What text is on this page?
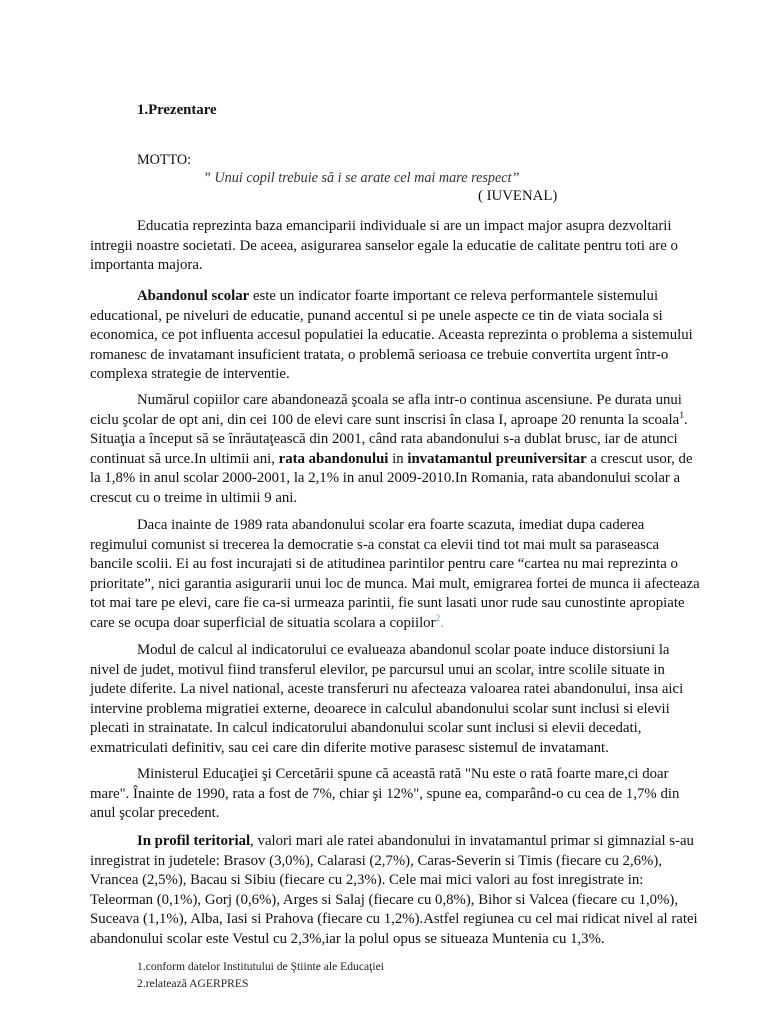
1.Prezentare
MOTTO:
” Unui copil trebuie să i se arate cel mai mare respect”
( IUVENAL)
Educatia reprezinta baza emanciparii individuale si are un impact major asupra dezvoltarii
intregii noastre societati. De aceea, asigurarea sanselor egale la educatie de calitate pentru toti are o
importanta majora.
Abandonul scolar este un indicator foarte important ce releva performantele sistemului
educational, pe niveluri de educatie, punand accentul si pe unele aspecte ce tin de viata sociala si
economica, ce pot influenta accesul populatiei la educatie. Aceasta reprezinta o problema a sistemului
romanesc de invatamant insuficient tratata, o problemă serioasa ce trebuie convertita urgent într-o
complexa strategie de interventie.
Numărul copiilor care abandonează şcoala se afla intr-o continua ascensiune. Pe durata unui
ciclu şcolar de opt ani, din cei 100 de elevi care sunt inscrisi în clasa I, aproape 20 renunta la scoala$^1$.
Situaţia a început să se înrăutaţească din 2001, când rata abandonului s-a dublat brusc, iar de atunci
continuat să urce.In ultimii ani, rata abandonului in invatamantul preuniversitar a crescut usor, de
la 1,8% in anul scolar 2000-2001, la 2,1% in anul 2009-2010.In Romania, rata abandonului scolar a
crescut cu o treime in ultimii 9 ani.
Daca inainte de 1989 rata abandonului scolar era foarte scazuta, imediat dupa caderea
regimului comunist si trecerea la democratie s-a constat ca elevii tind tot mai mult sa paraseasca
bancile scolii. Ei au fost incurajati si de atitudinea parintilor pentru care “cartea nu mai reprezinta o
prioritate”, nici garantia asigurarii unui loc de munca. Mai mult, emigrarea fortei de munca ii afecteaza
tot mai tare pe elevi, care fie ca-si urmeaza parintii, fie sunt lasati unor rude sau cunostinte apropiate
care se ocupa doar superficial de situatia scolara a copiilor$^2$.
Modul de calcul al indicatorului ce evalueaza abandonul scolar poate induce distorsiuni la
nivel de judet, motivul fiind transferul elevilor, pe parcursul unui an scolar, intre scolile situate in
judete diferite. La nivel national, aceste transferuri nu afecteaza valoarea ratei abandonului, insa aici
intervine problema migratiei externe, deoarece in calculul abandonului scolar sunt inclusi si elevii
plecati in strainatate. In calcul indicatorului abandonului scolar sunt inclusi si elevii decedati,
exmatriculati definitiv, sau cei care din diferite motive parasesc sistemul de invatamant.
Ministerul Educaţiei şi Cercetării spune că această rată "Nu este o rată foarte mare,ci doar
mare". Înainte de 1990, rata a fost de 7%, chiar şi 12%", spune ea, comparând-o cu cea de 1,7% din
anul şcolar precedent.
In profil teritorial, valori mari ale ratei abandonului in invatamantul primar si gimnazial s-au
inregistrat in judetele: Brasov (3,0%), Calarasi (2,7%), Caras-Severin si Timis (fiecare cu 2,6%),
Vrancea (2,5%), Bacau si Sibiu (fiecare cu 2,3%). Cele mai mici valori au fost inregistrate in:
Teleorman (0,1%), Gorj (0,6%), Arges si Salaj (fiecare cu 0,8%), Bihor si Valcea (fiecare cu 1,0%),
Suceava (1,1%), Alba, Iasi si Prahova (fiecare cu 1,2%).Astfel regiunea cu cel mai ridicat nivel al ratei
abandonului scolar este Vestul cu 2,3%,iar la polul opus se situeaza Muntenia cu 1,3%.
1.conform datelor Institutului de Ştiinte ale Educaţiei
2.relatează AGERPRES
